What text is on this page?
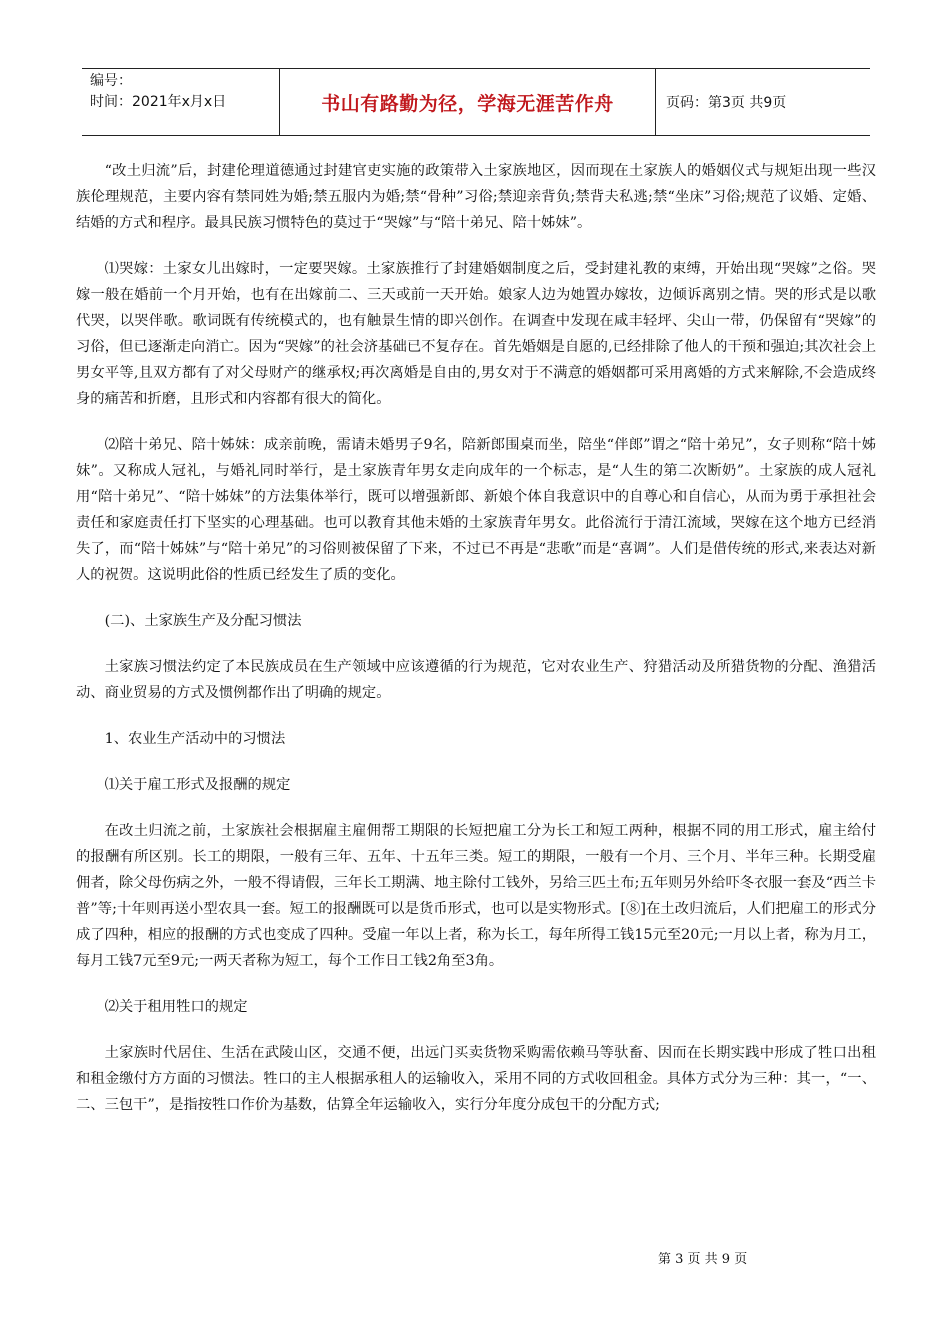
编号：
时间：2021年x月x日	书山有路勤为径，学海无涯苦作舟	页码：第3页 共9页

“改土归流”后，封建伦理道德通过封建官吏实施的政策带入土家族地区，因而现在土家族人的婚姻仪式与规矩出现一些汉族伦理规范，主要内容有禁同姓为婚;禁五服内为婚;禁“骨种”习俗;禁迎亲背负;禁背夫私逃;禁“坐床”习俗;规范了议婚、定婚、结婚的方式和程序。最具民族习惯特色的莫过于“哭嫁”与“陪十弟兄、陪十姊妹”。

⑴哭嫁：土家女儿出嫁时，一定要哭嫁。土家族推行了封建婚姻制度之后，受封建礼教的束缚，开始出现“哭嫁”之俗。哭嫁一般在婚前一个月开始，也有在出嫁前二、三天或前一天开始。娘家人边为她置办嫁妆，边倾诉离别之情。哭的形式是以歌代哭，以哭伴歌。歌词既有传统模式的，也有触景生情的即兴创作。在调查中发现在咸丰轻坪、尖山一带，仍保留有“哭嫁”的习俗，但已逐渐走向消亡。因为“哭嫁”的社会济基础已不复存在。首先婚姻是自愿的,已经排除了他人的干预和强迫;其次社会上男女平等,且双方都有了对父母财产的继承权;再次离婚是自由的,男女对于不满意的婚姻都可采用离婚的方式来解除,不会造成终身的痛苦和折磨，且形式和内容都有很大的简化。

⑵陪十弟兄、陪十姊妹：成亲前晚，需请未婚男子9名，陪新郎围桌而坐，陪坐“伴郎”谓之“陪十弟兄”，女子则称“陪十姊妹”。又称成人冠礼，与婚礼同时举行，是土家族青年男女走向成年的一个标志，是“人生的第二次断奶”。土家族的成人冠礼用“陪十弟兄”、“陪十姊妹”的方法集体举行，既可以增强新郎、新娘个体自我意识中的自尊心和自信心，从而为勇于承担社会责任和家庭责任打下坚实的心理基础。也可以教育其他未婚的土家族青年男女。此俗流行于清江流域，哭嫁在这个地方已经消失了，而“陪十姊妹”与“陪十弟兄”的习俗则被保留了下来，不过已不再是“悲歌”而是“喜调”。人们是借传统的形式,来表达对新人的祝贺。这说明此俗的性质已经发生了质的变化。

(二)、土家族生产及分配习惯法

土家族习惯法约定了本民族成员在生产领域中应该遵循的行为规范，它对农业生产、狩猎活动及所猎货物的分配、渔猎活动、商业贸易的方式及惯例都作出了明确的规定。

1、农业生产活动中的习惯法

⑴关于雇工形式及报酬的规定

在改土归流之前，土家族社会根据雇主雇佣帮工期限的长短把雇工分为长工和短工两种，根据不同的用工形式，雇主给付的报酬有所区别。长工的期限，一般有三年、五年、十五年三类。短工的期限，一般有一个月、三个月、半年三种。长期受雇佣者，除父母伤病之外，一般不得请假，三年长工期满、地主除付工钱外，另给三匹土布;五年则另外给吓冬衣服一套及“西兰卡普”等;十年则再送小型农具一套。短工的报酬既可以是货币形式，也可以是实物形式。[⑧]在土改归流后，人们把雇工的形式分成了四种，相应的报酬的方式也变成了四种。受雇一年以上者，称为长工，每年所得工钱15元至20元;一月以上者，称为月工，每月工钱7元至9元;一两天者称为短工，每个工作日工钱2角至3角。

⑵关于租用牲口的规定

土家族时代居住、生活在武陵山区，交通不便，出远门买卖货物采购需依赖马等驮畜、因而在长期实践中形成了牲口出租和租金缴付方方面的习惯法。牲口的主人根据承租人的运输收入，采用不同的方式收回租金。具体方式分为三种：其一，“一、二、三包干”，是指按牲口作价为基数，估算全年运输收入，实行分年度分成包干的分配方式;

第 3 页 共 9 页
